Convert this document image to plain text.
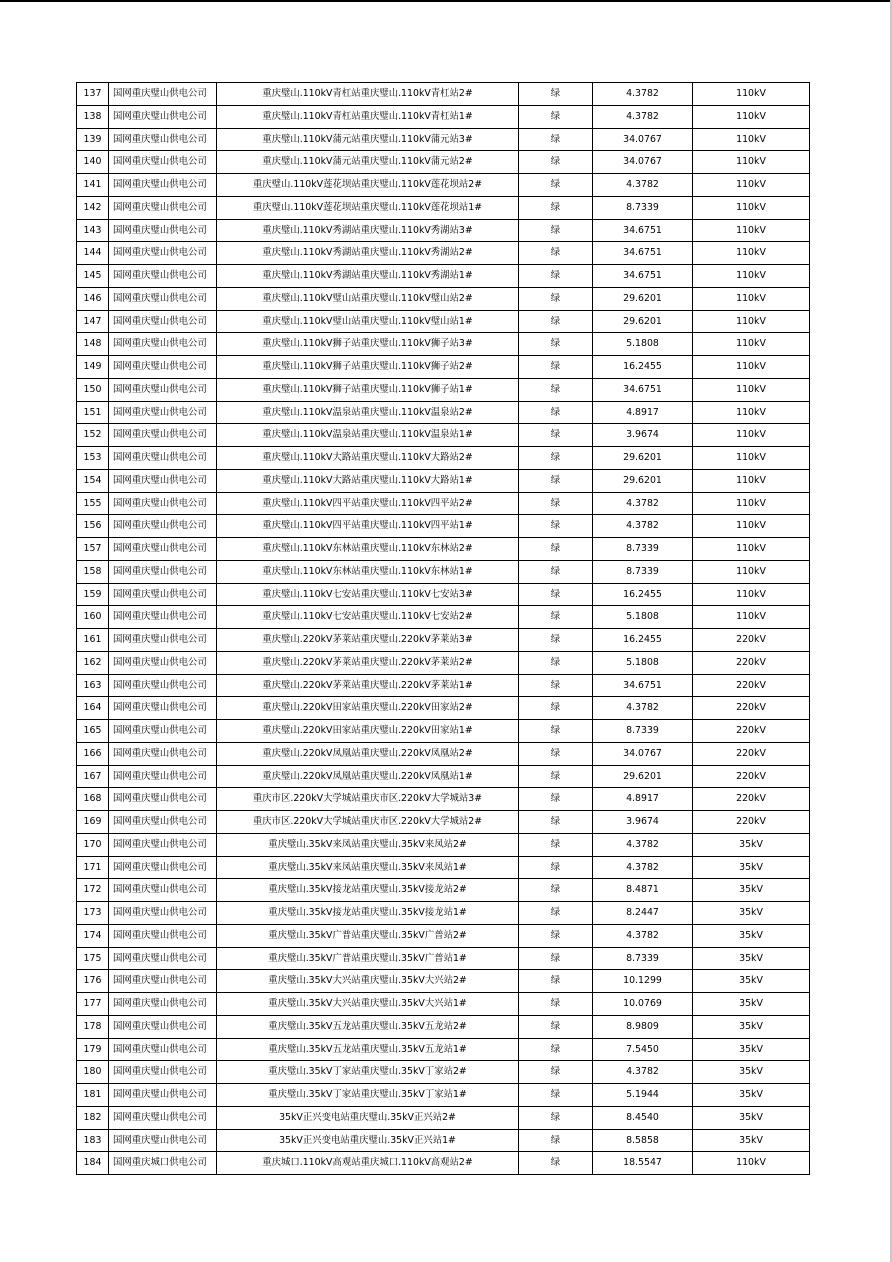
137	国网重庆璧山供电公司	重庆璧山.110kV青杠站重庆璧山.110kV青杠站2#	绿	4.3782	110kV
138	国网重庆璧山供电公司	重庆璧山.110kV青杠站重庆璧山.110kV青杠站1#	绿	4.3782	110kV
139	国网重庆璧山供电公司	重庆璧山.110kV蒲元站重庆璧山.110kV蒲元站3#	绿	34.0767	110kV
140	国网重庆璧山供电公司	重庆璧山.110kV蒲元站重庆璧山.110kV蒲元站2#	绿	34.0767	110kV
141	国网重庆璧山供电公司	重庆璧山.110kV莲花坝站重庆璧山.110kV莲花坝站2#	绿	4.3782	110kV
142	国网重庆璧山供电公司	重庆璧山.110kV莲花坝站重庆璧山.110kV莲花坝站1#	绿	8.7339	110kV
143	国网重庆璧山供电公司	重庆璧山.110kV秀湖站重庆璧山.110kV秀湖站3#	绿	34.6751	110kV
144	国网重庆璧山供电公司	重庆璧山.110kV秀湖站重庆璧山.110kV秀湖站2#	绿	34.6751	110kV
145	国网重庆璧山供电公司	重庆璧山.110kV秀湖站重庆璧山.110kV秀湖站1#	绿	34.6751	110kV
146	国网重庆璧山供电公司	重庆璧山.110kV璧山站重庆璧山.110kV璧山站2#	绿	29.6201	110kV
147	国网重庆璧山供电公司	重庆璧山.110kV璧山站重庆璧山.110kV璧山站1#	绿	29.6201	110kV
148	国网重庆璧山供电公司	重庆璧山.110kV狮子站重庆璧山.110kV狮子站3#	绿	5.1808	110kV
149	国网重庆璧山供电公司	重庆璧山.110kV狮子站重庆璧山.110kV狮子站2#	绿	16.2455	110kV
150	国网重庆璧山供电公司	重庆璧山.110kV狮子站重庆璧山.110kV狮子站1#	绿	34.6751	110kV
151	国网重庆璧山供电公司	重庆璧山.110kV温泉站重庆璧山.110kV温泉站2#	绿	4.8917	110kV
152	国网重庆璧山供电公司	重庆璧山.110kV温泉站重庆璧山.110kV温泉站1#	绿	3.9674	110kV
153	国网重庆璧山供电公司	重庆璧山.110kV大路站重庆璧山.110kV大路站2#	绿	29.6201	110kV
154	国网重庆璧山供电公司	重庆璧山.110kV大路站重庆璧山.110kV大路站1#	绿	29.6201	110kV
155	国网重庆璧山供电公司	重庆璧山.110kV四平站重庆璧山.110kV四平站2#	绿	4.3782	110kV
156	国网重庆璧山供电公司	重庆璧山.110kV四平站重庆璧山.110kV四平站1#	绿	4.3782	110kV
157	国网重庆璧山供电公司	重庆璧山.110kV东林站重庆璧山.110kV东林站2#	绿	8.7339	110kV
158	国网重庆璧山供电公司	重庆璧山.110kV东林站重庆璧山.110kV东林站1#	绿	8.7339	110kV
159	国网重庆璧山供电公司	重庆璧山.110kV七安站重庆璧山.110kV七安站3#	绿	16.2455	110kV
160	国网重庆璧山供电公司	重庆璧山.110kV七安站重庆璧山.110kV七安站2#	绿	5.1808	110kV
161	国网重庆璧山供电公司	重庆璧山.220kV茅莱站重庆璧山.220kV茅莱站3#	绿	16.2455	220kV
162	国网重庆璧山供电公司	重庆璧山.220kV茅莱站重庆璧山.220kV茅莱站2#	绿	5.1808	220kV
163	国网重庆璧山供电公司	重庆璧山.220kV茅莱站重庆璧山.220kV茅莱站1#	绿	34.6751	220kV
164	国网重庆璧山供电公司	重庆璧山.220kV田家站重庆璧山.220kV田家站2#	绿	4.3782	220kV
165	国网重庆璧山供电公司	重庆璧山.220kV田家站重庆璧山.220kV田家站1#	绿	8.7339	220kV
166	国网重庆璧山供电公司	重庆璧山.220kV凤凰站重庆璧山.220kV凤凰站2#	绿	34.0767	220kV
167	国网重庆璧山供电公司	重庆璧山.220kV凤凰站重庆璧山.220kV凤凰站1#	绿	29.6201	220kV
168	国网重庆璧山供电公司	重庆市区.220kV大学城站重庆市区.220kV大学城站3#	绿	4.8917	220kV
169	国网重庆璧山供电公司	重庆市区.220kV大学城站重庆市区.220kV大学城站2#	绿	3.9674	220kV
170	国网重庆璧山供电公司	重庆璧山.35kV来凤站重庆璧山.35kV来凤站2#	绿	4.3782	35kV
171	国网重庆璧山供电公司	重庆璧山.35kV来凤站重庆璧山.35kV来凤站1#	绿	4.3782	35kV
172	国网重庆璧山供电公司	重庆璧山.35kV接龙站重庆璧山.35kV接龙站2#	绿	8.4871	35kV
173	国网重庆璧山供电公司	重庆璧山.35kV接龙站重庆璧山.35kV接龙站1#	绿	8.2447	35kV
174	国网重庆璧山供电公司	重庆璧山.35kV广普站重庆璧山.35kV广普站2#	绿	4.3782	35kV
175	国网重庆璧山供电公司	重庆璧山.35kV广普站重庆璧山.35kV广普站1#	绿	8.7339	35kV
176	国网重庆璧山供电公司	重庆璧山.35kV大兴站重庆璧山.35kV大兴站2#	绿	10.1299	35kV
177	国网重庆璧山供电公司	重庆璧山.35kV大兴站重庆璧山.35kV大兴站1#	绿	10.0769	35kV
178	国网重庆璧山供电公司	重庆璧山.35kV五龙站重庆璧山.35kV五龙站2#	绿	8.9809	35kV
179	国网重庆璧山供电公司	重庆璧山.35kV五龙站重庆璧山.35kV五龙站1#	绿	7.5450	35kV
180	国网重庆璧山供电公司	重庆璧山.35kV丁家站重庆璧山.35kV丁家站2#	绿	4.3782	35kV
181	国网重庆璧山供电公司	重庆璧山.35kV丁家站重庆璧山.35kV丁家站1#	绿	5.1944	35kV
182	国网重庆璧山供电公司	35kV正兴变电站重庆璧山.35kV正兴站2#	绿	8.4540	35kV
183	国网重庆璧山供电公司	35kV正兴变电站重庆璧山.35kV正兴站1#	绿	8.5858	35kV
184	国网重庆城口供电公司	重庆城口.110kV高观站重庆城口.110kV高观站2#	绿	18.5547	110kV
